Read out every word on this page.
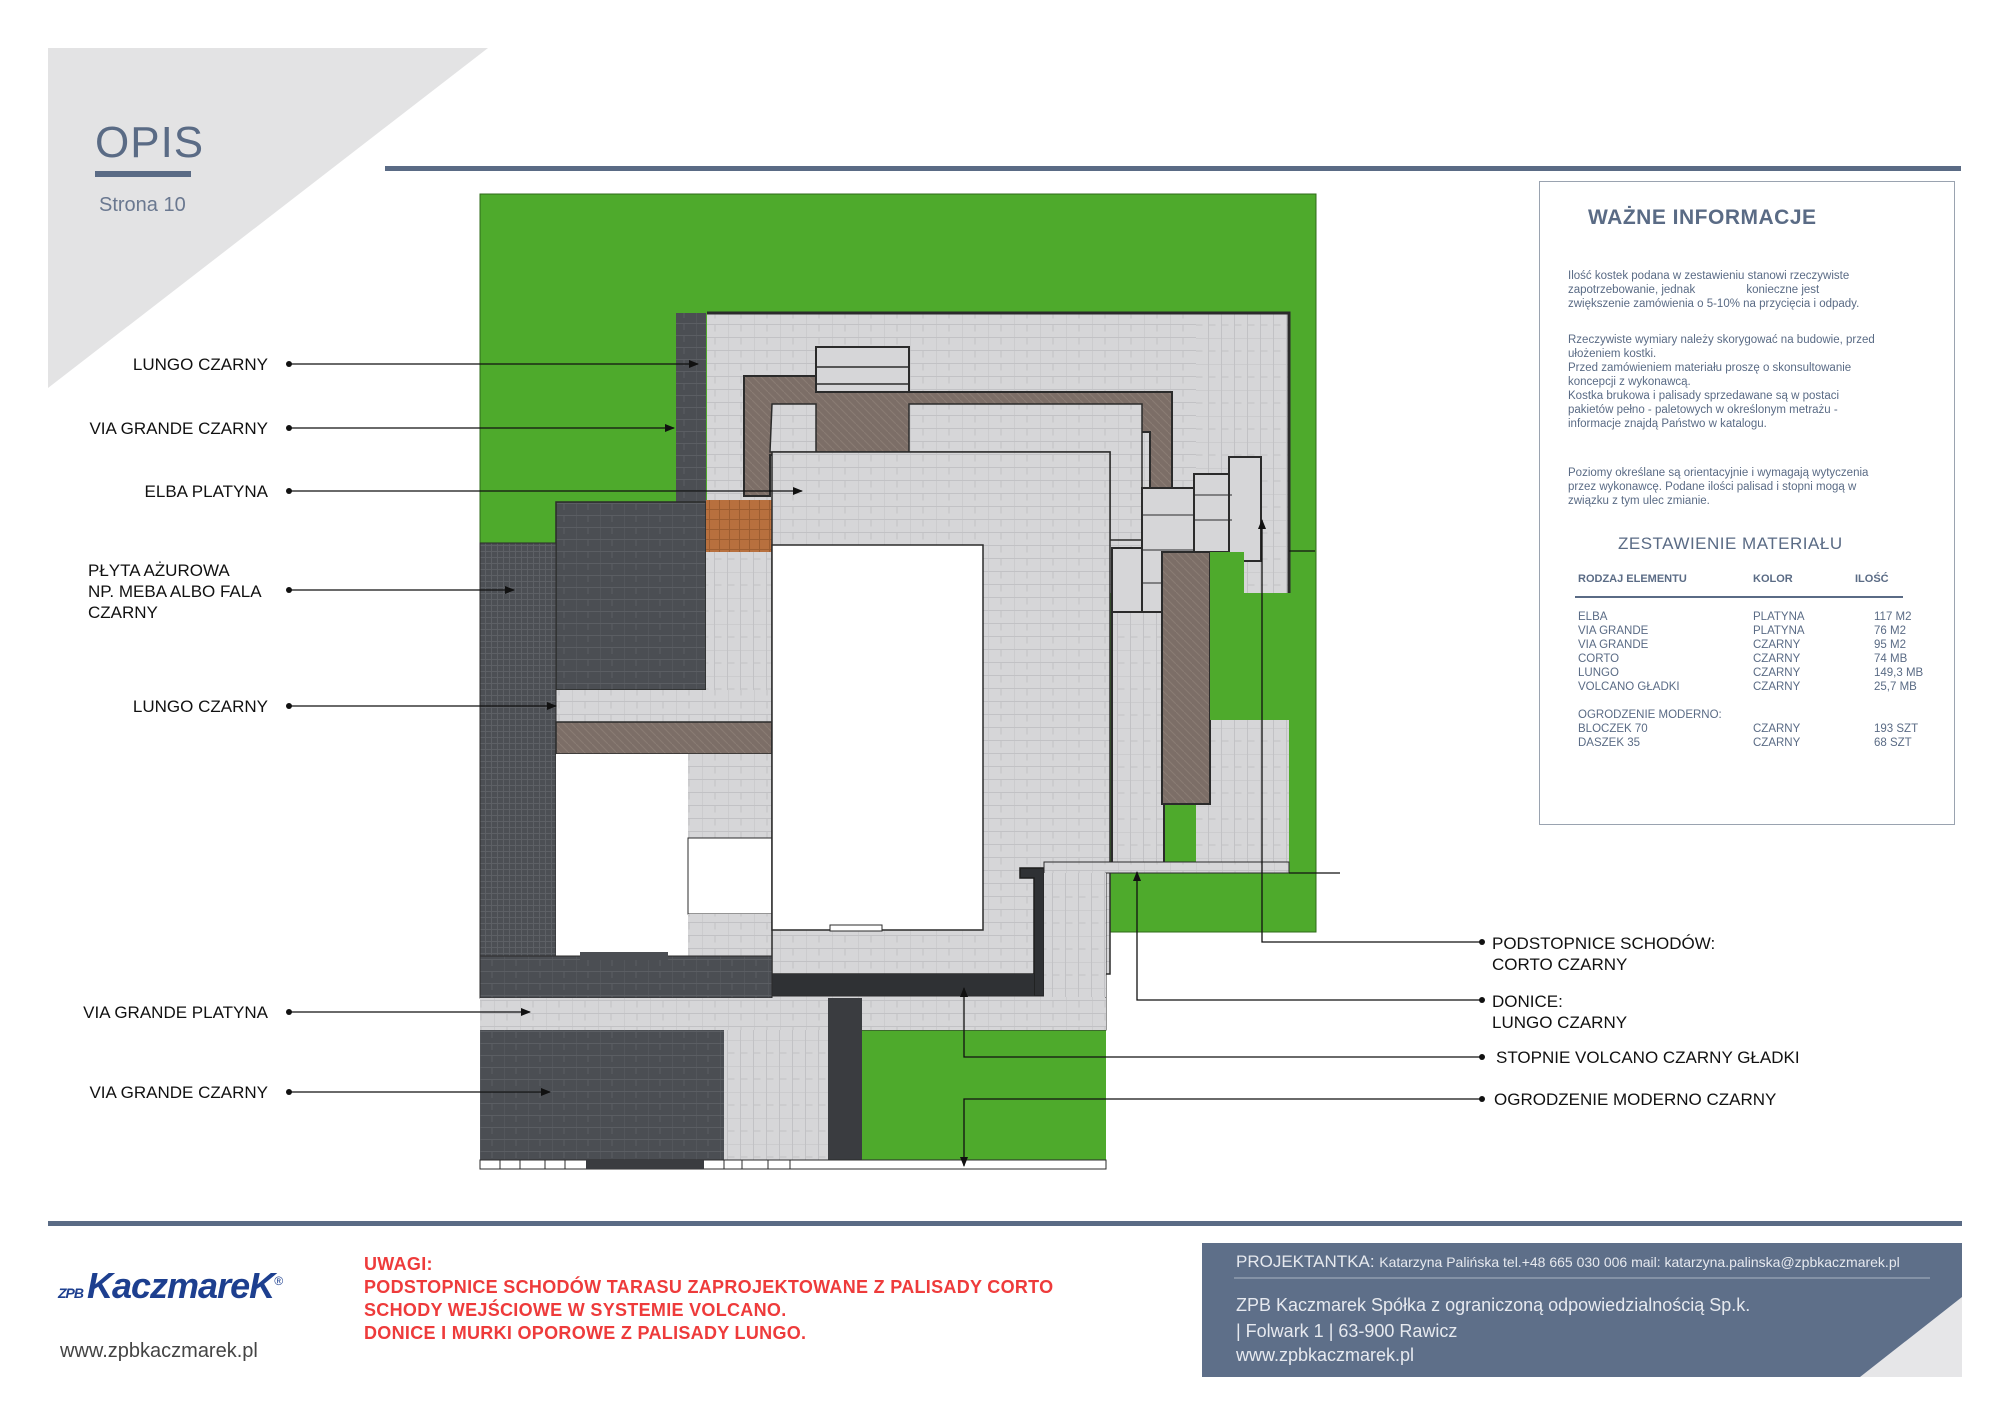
OPIS
Strona 10
LUNGO CZARNY
VIA GRANDE CZARNY
ELBA PLATYNA
PŁYTA AŻUROWA
NP. MEBA ALBO FALA
CZARNY
LUNGO CZARNY
VIA GRANDE PLATYNA
VIA GRANDE CZARNY
PODSTOPNICE SCHODÓW:
CORTO CZARNY
DONICE:
LUNGO CZARNY
STOPNIE VOLCANO CZARNY GŁADKI
OGRODZENIE MODERNO CZARNY
WAŻNE INFORMACJE
Ilość kostek podana w zestawieniu stanowi rzeczywiste
zapotrzebowanie, jednak                konieczne jest
zwiększenie zamówienia o 5-10% na przycięcia i odpady.
Rzeczywiste wymiary należy skorygować na budowie, przed
ułożeniem kostki.
Przed zamówieniem materiału proszę o skonsultowanie
koncepcji z wykonawcą.
Kostka brukowa i palisady sprzedawane są w postaci
pakietów pełno - paletowych w określonym metrażu -
informacje znajdą Państwo w katalogu.
Poziomy określane są orientacyjnie i wymagają wytyczenia
przez wykonawcę. Podane ilości palisad i stopni mogą w
związku z tym ulec zmianie.
ZESTAWIENIE MATERIAŁU
RODZAJ ELEMENTU	KOLOR	ILOŚĆ
ELBA
VIA GRANDE
VIA GRANDE
CORTO
LUNGO
VOLCANO GŁADKI
OGRODZENIE MODERNO:
BLOCZEK 70
DASZEK 35
PLATYNA
PLATYNA
CZARNY
CZARNY
CZARNY
CZARNY
CZARNY
CZARNY
117 M2
76 M2
95 M2
74 MB
149,3 MB
25,7 MB
193 SZT
68 SZT
ZPB KaczmareK®
www.zpbkaczmarek.pl
UWAGI:
PODSTOPNICE SCHODÓW TARASU ZAPROJEKTOWANE Z PALISADY CORTO
SCHODY WEJŚCIOWE W SYSTEMIE VOLCANO.
DONICE I MURKI OPOROWE Z PALISADY LUNGO.
PROJEKTANTKA: Katarzyna Palińska tel.+48 665 030 006 mail: katarzyna.palinska@zpbkaczmarek.pl
ZPB Kaczmarek Spółka z ograniczoną odpowiedzialnością Sp.k.
| Folwark 1 | 63-900 Rawicz
www.zpbkaczmarek.pl
